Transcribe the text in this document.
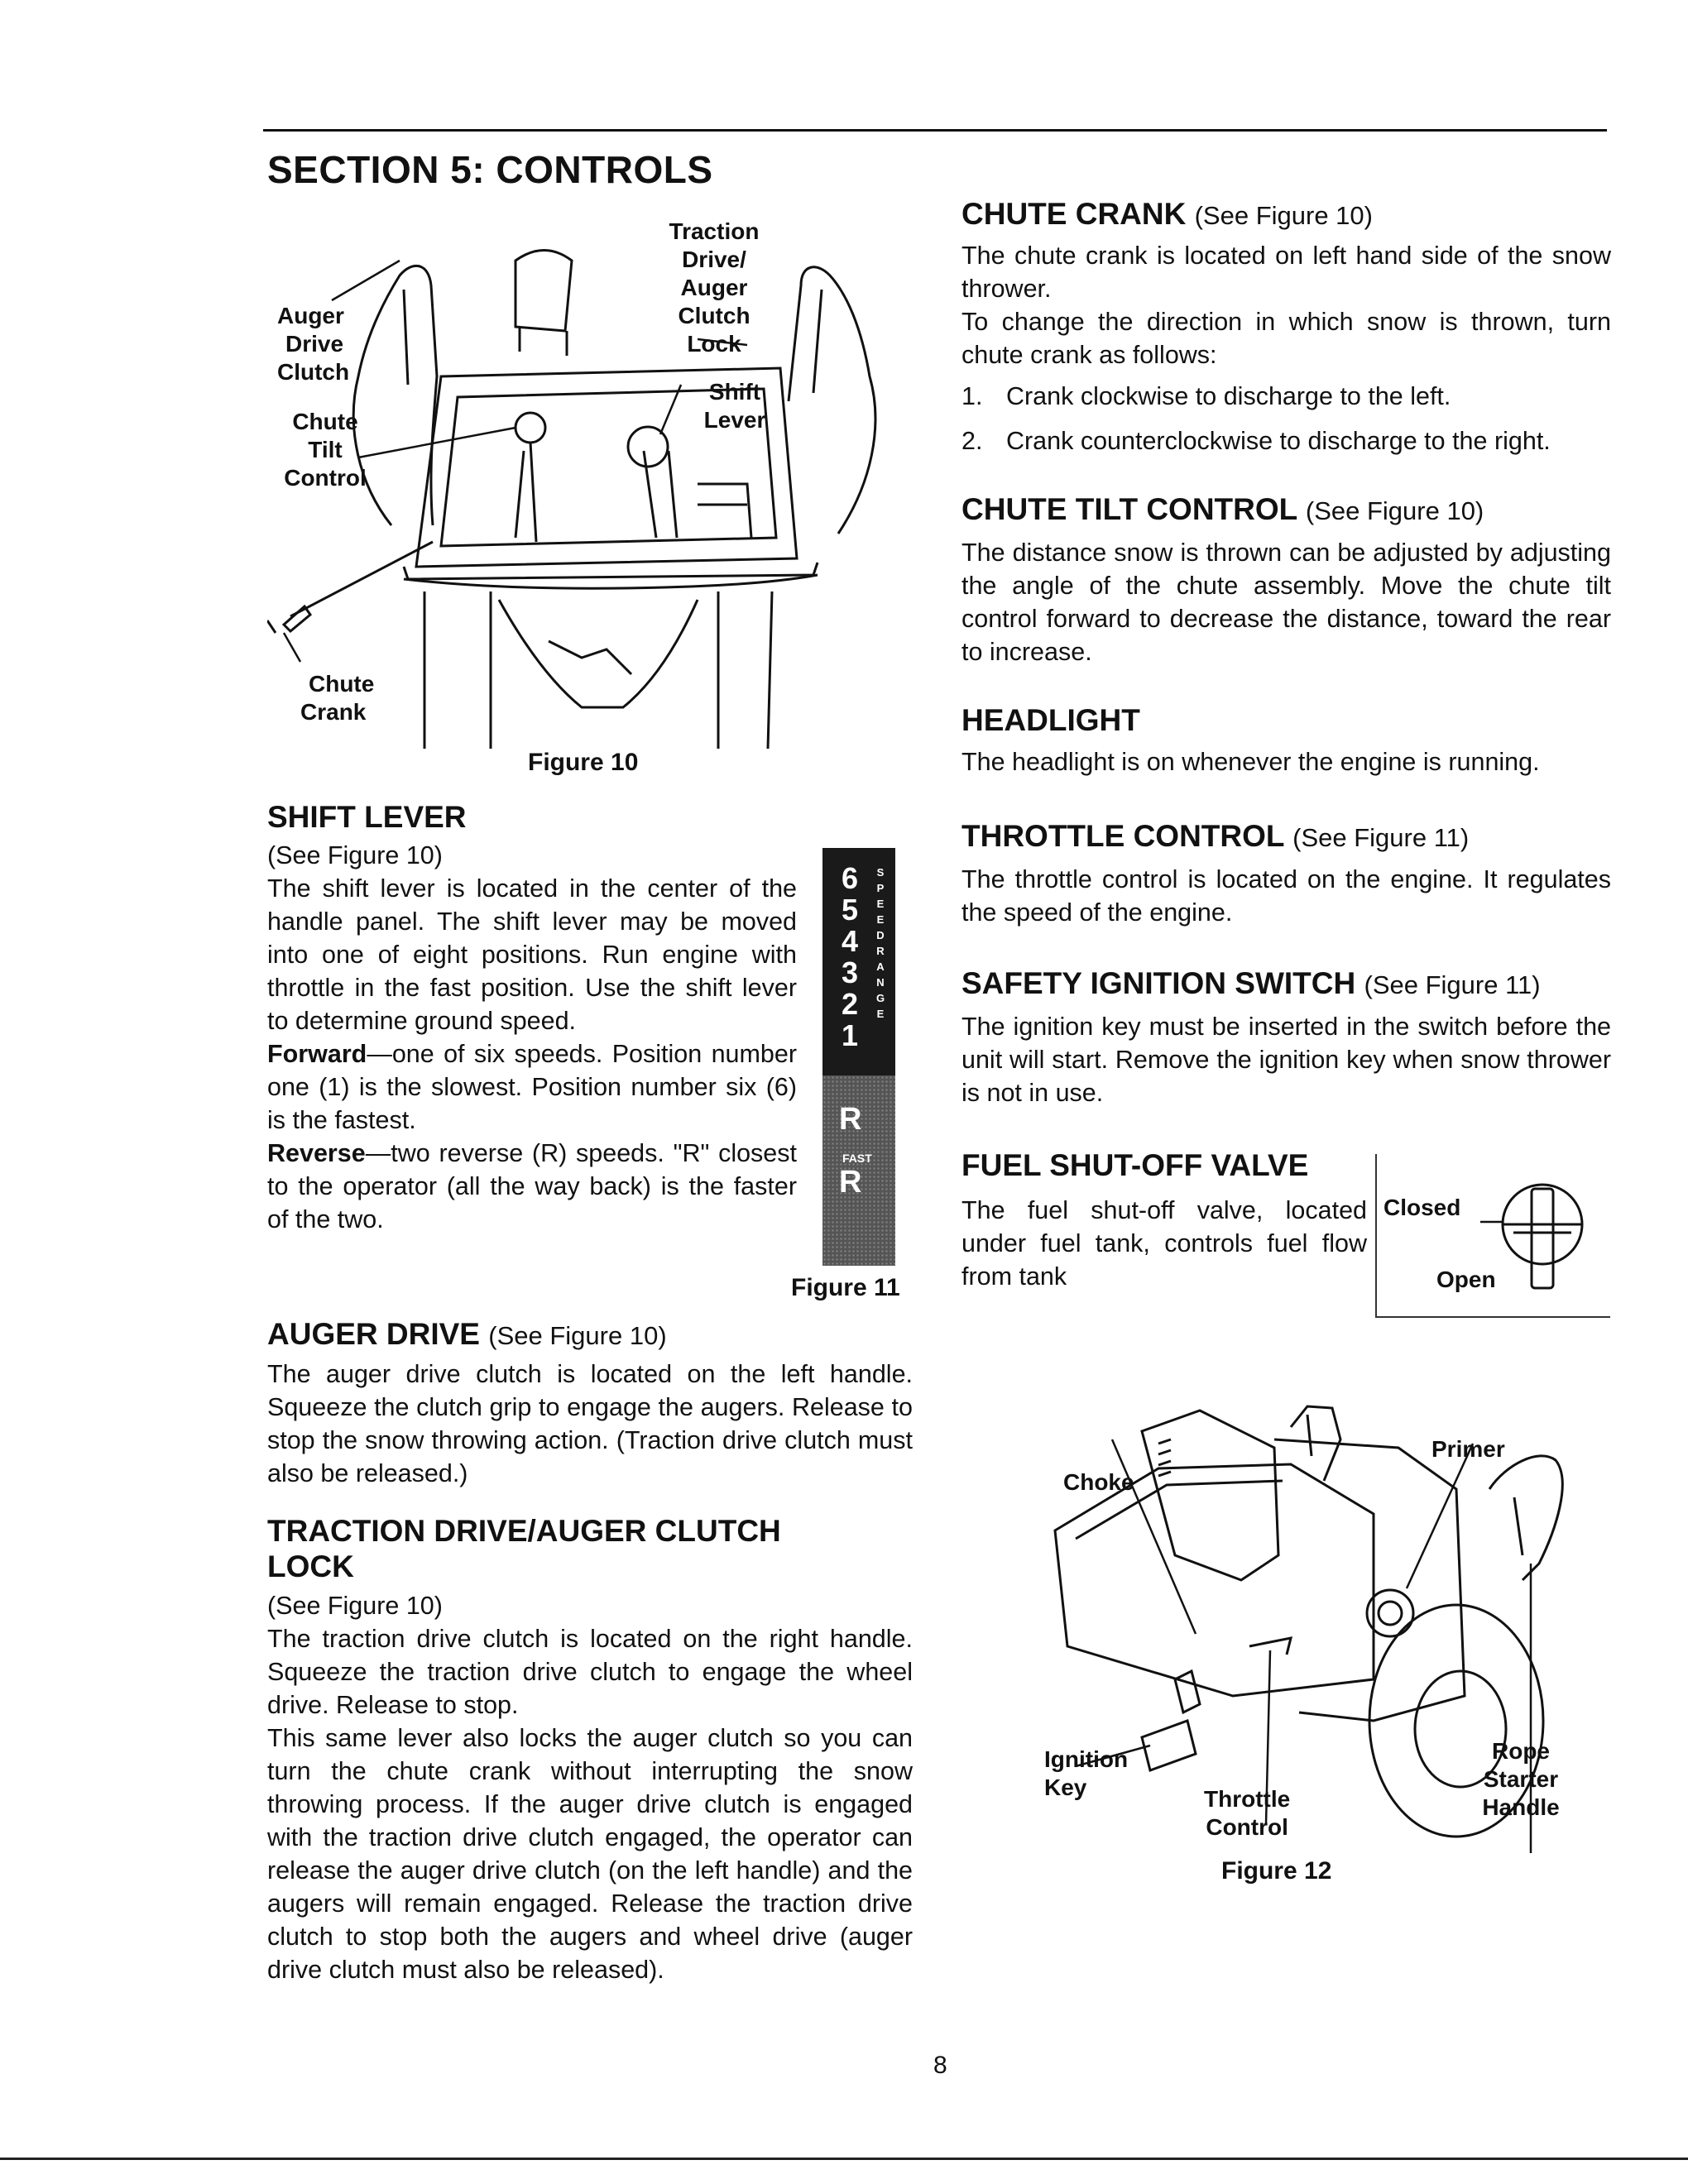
SECTION 5: CONTROLS
Auger
Drive
Clutch
Chute
Tilt
Control
Chute
Crank
Traction
Drive/
Auger
Clutch
Lock
Shift
Lever
Figure 10
SHIFT LEVER

(See Figure 10)

The shift lever is located in the center of the handle panel. The shift lever may be moved into one of eight positions. Run engine with throttle in the fast position. Use the shift lever to determine ground speed.

Forward—one of six speeds. Position number one (1) is the slowest. Position number six (6) is the fastest.

Reverse—two reverse (R) speeds. "R" closest to the operator (all the way back) is the faster of the two.

6
5
4
3
2
1
SPEED RANGE
R
FAST
R
Figure 11
AUGER DRIVE (See Figure 10)

The auger drive clutch is located on the left handle. Squeeze the clutch grip to engage the augers. Release to stop the snow throwing action. (Traction drive clutch must also be released.)

TRACTION DRIVE/AUGER CLUTCH
LOCK

(See Figure 10)

The traction drive clutch is located on the right handle. Squeeze the traction drive clutch to engage the wheel drive. Release to stop.

This same lever also locks the auger clutch so you can turn the chute crank without interrupting the snow throwing process. If the auger drive clutch is engaged with the traction drive clutch engaged, the operator can release the auger drive clutch (on the left handle) and the augers will remain engaged. Release the traction drive clutch to stop both the augers and wheel drive (auger drive clutch must also be released).

CHUTE CRANK (See Figure 10)

The chute crank is located on left hand side of the snow thrower.

To change the direction in which snow is thrown, turn chute crank as follows:

1. Crank clockwise to discharge to the left.
2. Crank counterclockwise to discharge to the right.
CHUTE TILT CONTROL (See Figure 10)

The distance snow is thrown can be adjusted by adjusting the angle of the chute assembly. Move the chute tilt control forward to decrease the distance, toward the rear to increase.

HEADLIGHT

The headlight is on whenever the engine is running.

THROTTLE CONTROL (See Figure 11)

The throttle control is located on the engine. It regulates the speed of the engine.

SAFETY IGNITION SWITCH (See Figure 11)

The ignition key must be inserted in the switch before the unit will start. Remove the ignition key when snow thrower is not in use.

FUEL SHUT-OFF VALVE

The fuel shut-off valve, located under fuel tank, controls fuel flow from tank

Closed
Open
Choke
Primer
Ignition
Key	Throttle
Control
Rope
Starter
Handle
Figure 12
8
